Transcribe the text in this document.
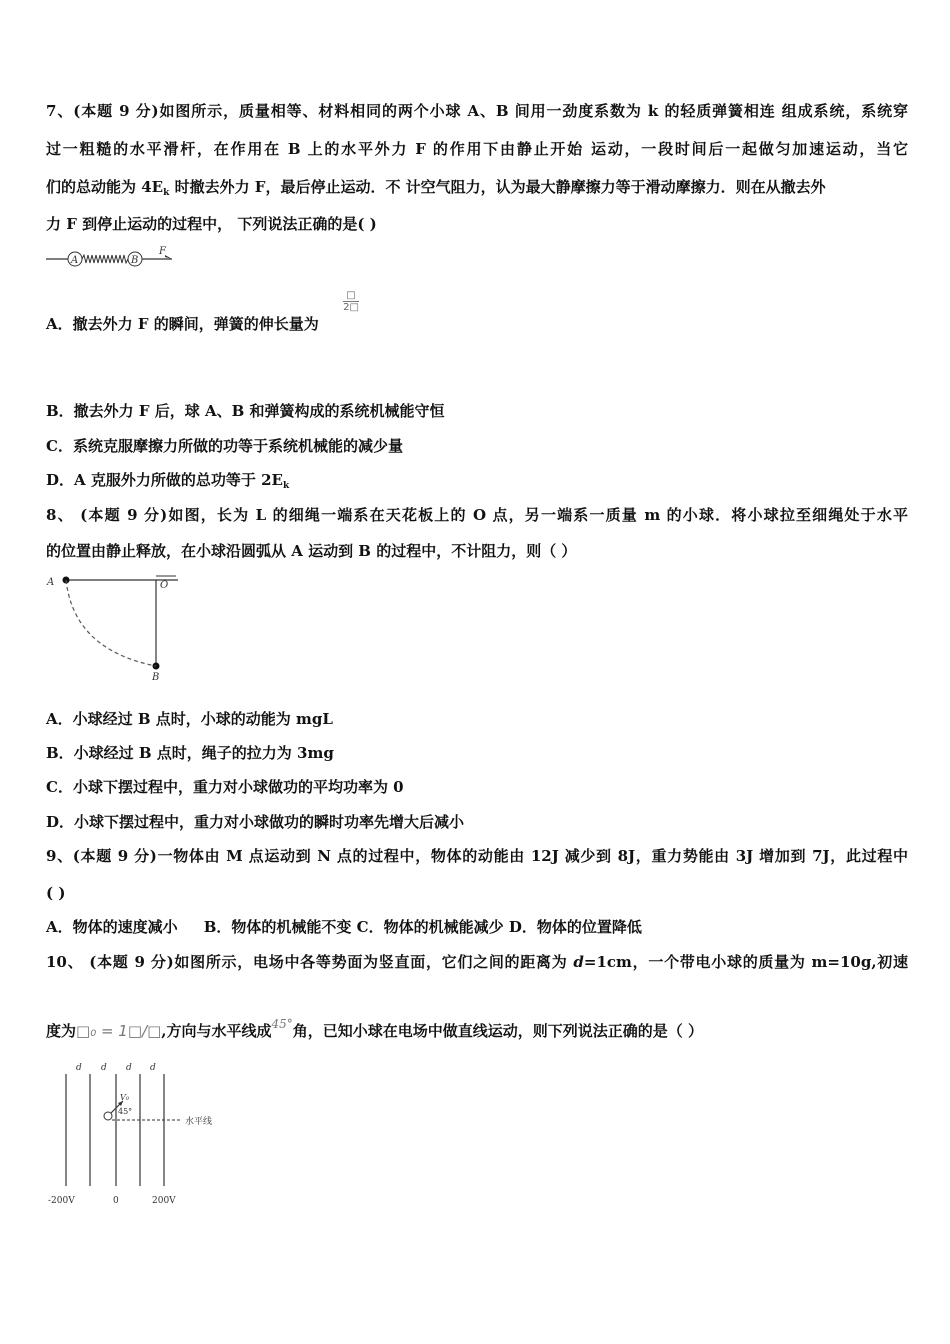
7、(本题 9 分)如图所示，质量相等、材料相同的两个小球 A、B 间用一劲度系数为 k 的轻质弹簧相连 组成系统，系统穿
过一粗糙的水平滑杆，在作用在 B 上的水平外力 F 的作用下由静止开始 运动，一段时间后一起做匀加速运动，当它
们的总动能为 $4E_k$ 时撤去外力 F，最后停止运动．不 计空气阻力，认为最大静摩擦力等于滑动摩擦力．则在从撤去外
力 F 到停止运动的过程中， 下列说法正确的是( )
A	B
F
A．撤去外力 F 的瞬间，弹簧的伸长量为
□
2□
B．撤去外力 F 后，球 A、B 和弹簧构成的系统机械能守恒
C．系统克服摩擦力所做的功等于系统机械能的减少量
D．A 克服外力所做的总功等于 $2E_k$
8、 (本题 9 分)如图，长为 L 的细绳一端系在天花板上的 O 点，另一端系一质量 m 的小球．将小球拉至细绳处于水平
的位置由静止释放，在小球沿圆弧从 A 运动到 B 的过程中，不计阻力，则（ ）
A	O
B
A．小球经过 B 点时，小球的动能为 mgL
B．小球经过 B 点时，绳子的拉力为 3mg
C．小球下摆过程中，重力对小球做功的平均功率为 0
D．小球下摆过程中，重力对小球做功的瞬时功率先增大后减小
9、(本题 9 分)一物体由 M 点运动到 N 点的过程中，物体的动能由 12J 减少到 8J，重力势能由 3J 增加到 7J，此过程中
( )
A．物体的速度减小     B．物体的机械能不变 C．物体的机械能减少 D．物体的位置降低
10、 (本题 9 分)如图所示，电场中各等势面为竖直面，它们之间的距离为 d=1cm，一个带电小球的质量为 m=10g,初速
度为□₀ = 1□/□,方向与水平线成$^{45^\circ}$角，已知小球在电场中做直线运动，则下列说法正确的是（ ）
d d d d
V₀
45°
水平线
-200V	0	200V
